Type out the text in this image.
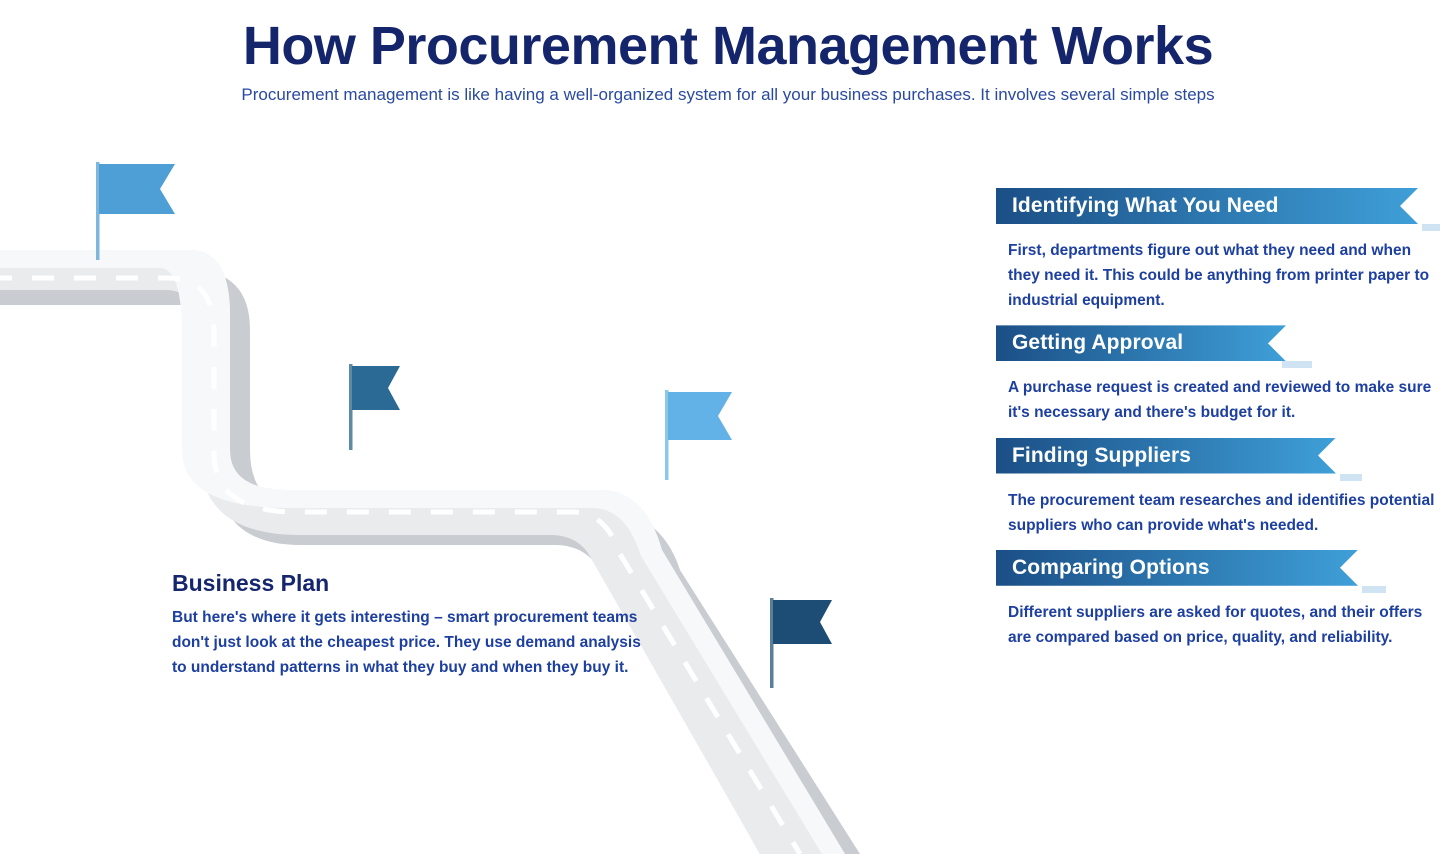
How Procurement Management Works

Procurement management is like having a well-organized system for all your business purchases. It involves several simple steps

Business Plan

But here's where it gets interesting – smart procurement teams don't just look at the cheapest price. They use demand analysis to understand patterns in what they buy and when they buy it.

Identifying What You Need

First, departments figure out what they need and when they need it. This could be anything from printer paper to industrial equipment.

Getting Approval

A purchase request is created and reviewed to make sure it's necessary and there's budget for it.

Finding Suppliers

The procurement team researches and identifies potential suppliers who can provide what's needed.

Comparing Options

Different suppliers are asked for quotes, and their offers are compared based on price, quality, and reliability.
